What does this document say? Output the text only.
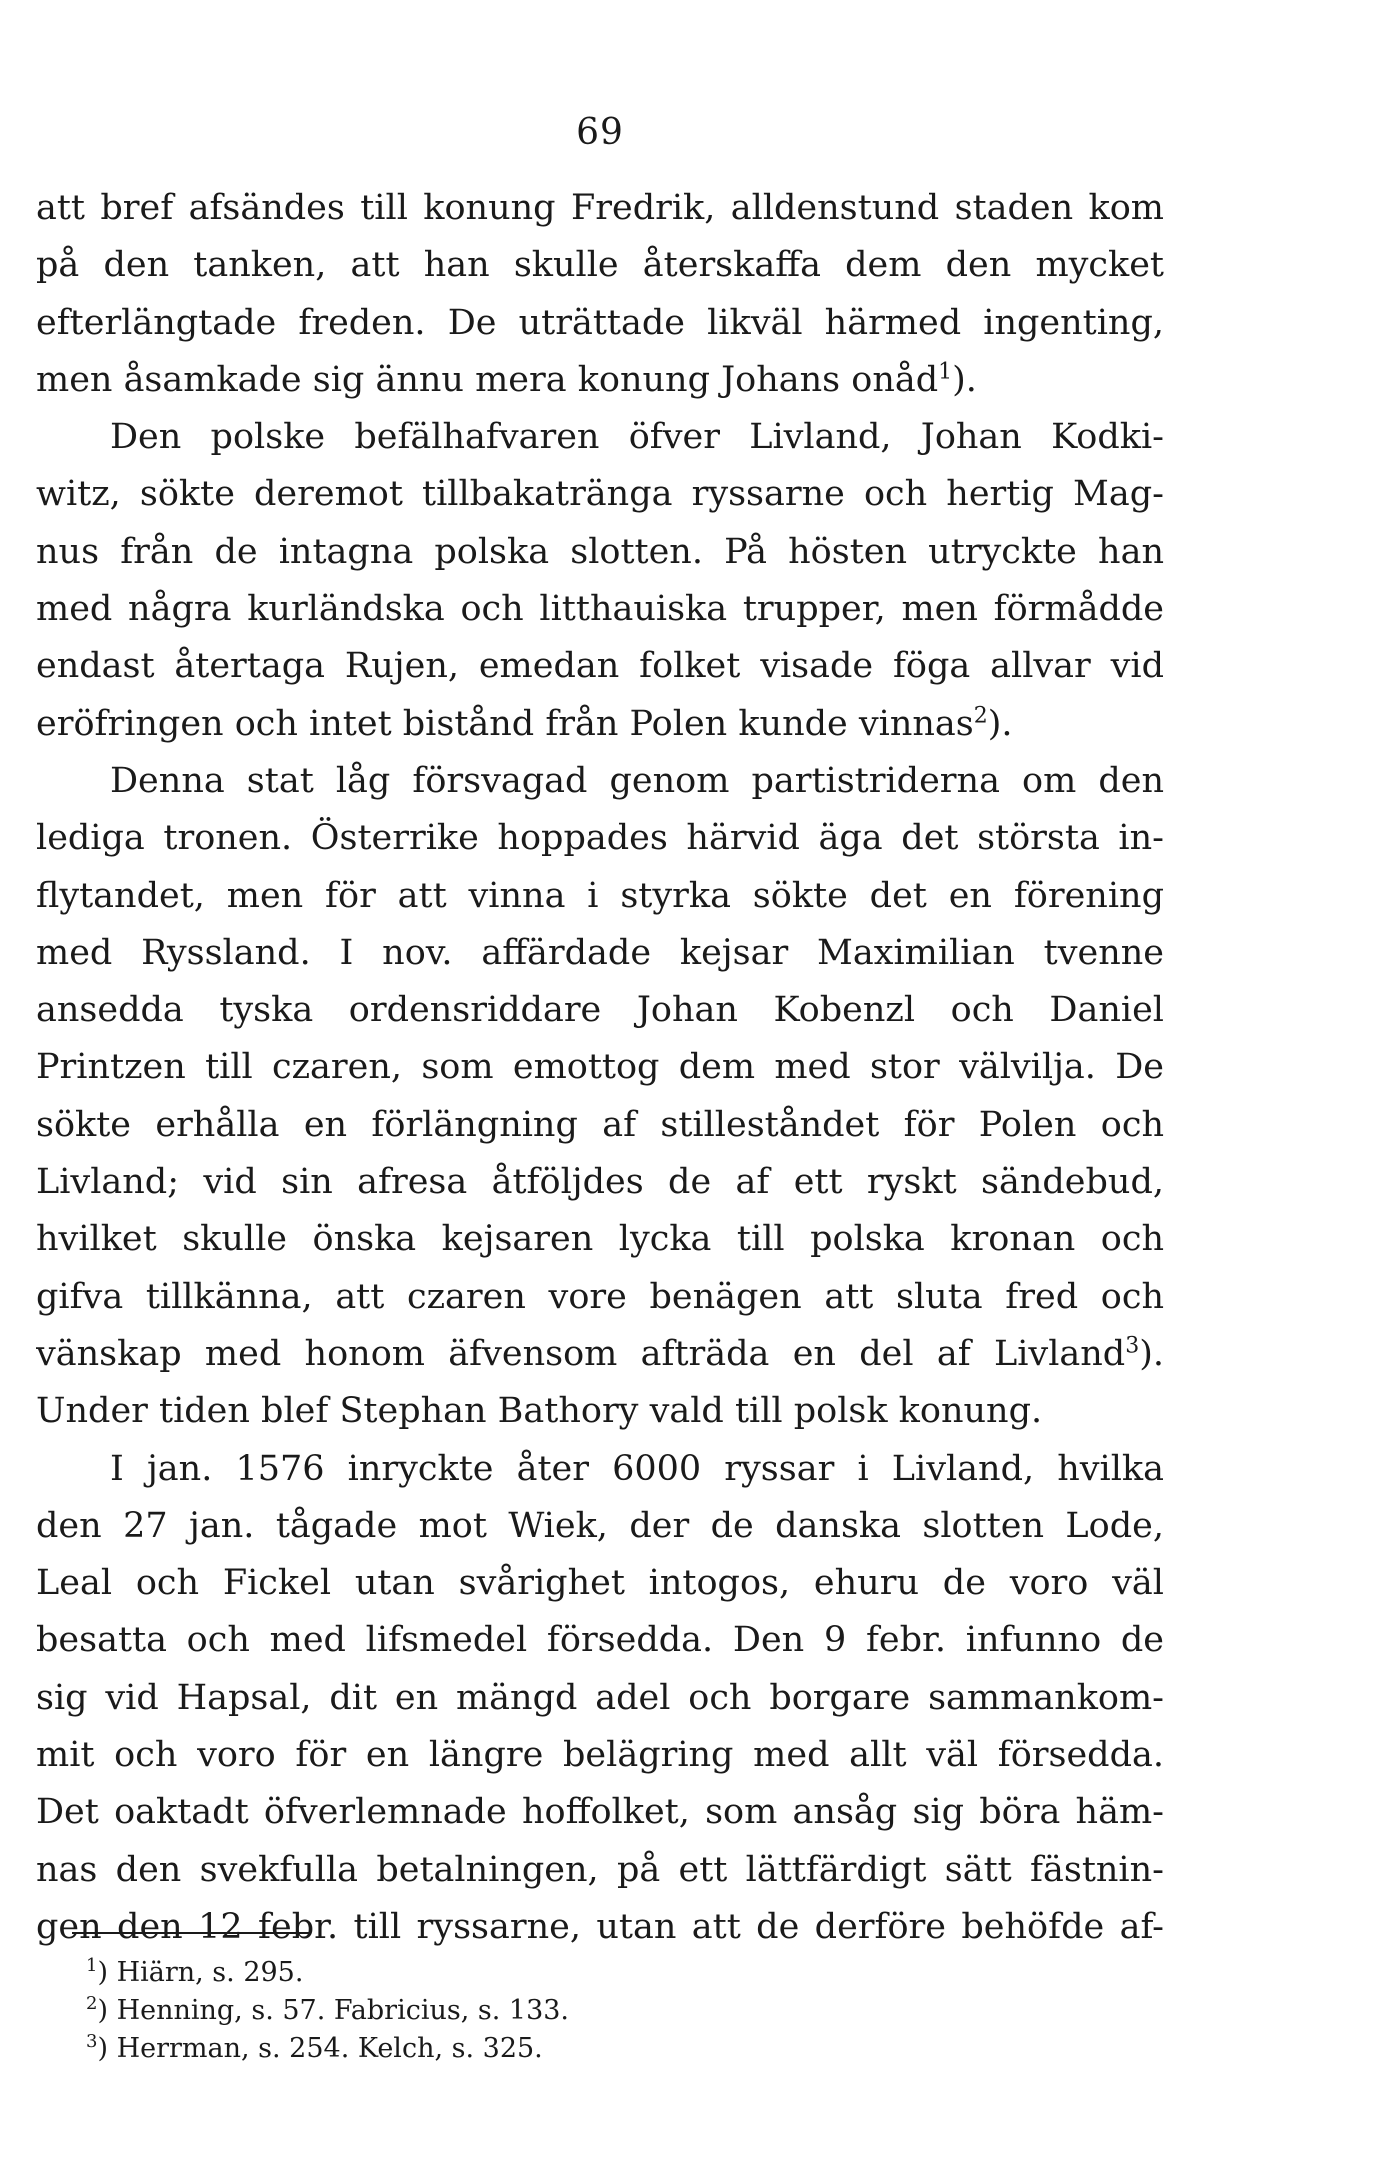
69
att bref afsändes till konung Fredrik, alldenstund staden kom
på den tanken, att han skulle återskaffa dem den mycket
efterlängtade freden. De uträttade likväl härmed ingenting,
men åsamkade sig ännu mera konung Johans onåd$^1$).
Den polske befälhafvaren öfver Livland, Johan Kodki-
witz, sökte deremot tillbakatränga ryssarne och hertig Mag-
nus från de intagna polska slotten. På hösten utryckte han
med några kurländska och litthauiska trupper, men förmådde
endast återtaga Rujen, emedan folket visade föga allvar vid
eröfringen och intet bistånd från Polen kunde vinnas$^2$).
Denna stat låg försvagad genom partistriderna om den
lediga tronen. Österrike hoppades härvid äga det största in-
flytandet, men för att vinna i styrka sökte det en förening
med Ryssland. I nov. affärdade kejsar Maximilian tvenne
ansedda tyska ordensriddare Johan Kobenzl och Daniel
Printzen till czaren, som emottog dem med stor välvilja. De
sökte erhålla en förlängning af stilleståndet för Polen och
Livland; vid sin afresa åtföljdes de af ett ryskt sändebud,
hvilket skulle önska kejsaren lycka till polska kronan och
gifva tillkänna, att czaren vore benägen att sluta fred och
vänskap med honom äfvensom afträda en del af Livland$^3$).
Under tiden blef Stephan Bathory vald till polsk konung.
I jan. 1576 inryckte åter 6000 ryssar i Livland, hvilka
den 27 jan. tågade mot Wiek, der de danska slotten Lode,
Leal och Fickel utan svårighet intogos, ehuru de voro väl
besatta och med lifsmedel försedda. Den 9 febr. infunno de
sig vid Hapsal, dit en mängd adel och borgare sammankom-
mit och voro för en längre belägring med allt väl försedda.
Det oaktadt öfverlemnade hoffolket, som ansåg sig böra häm-
nas den svekfulla betalningen, på ett lättfärdigt sätt fästnin-
gen den 12 febr. till ryssarne, utan att de derföre behöfde af-
$^1$) Hiärn, s. 295.
$^2$) Henning, s. 57. Fabricius, s. 133.
$^3$) Herrman, s. 254. Kelch, s. 325.
